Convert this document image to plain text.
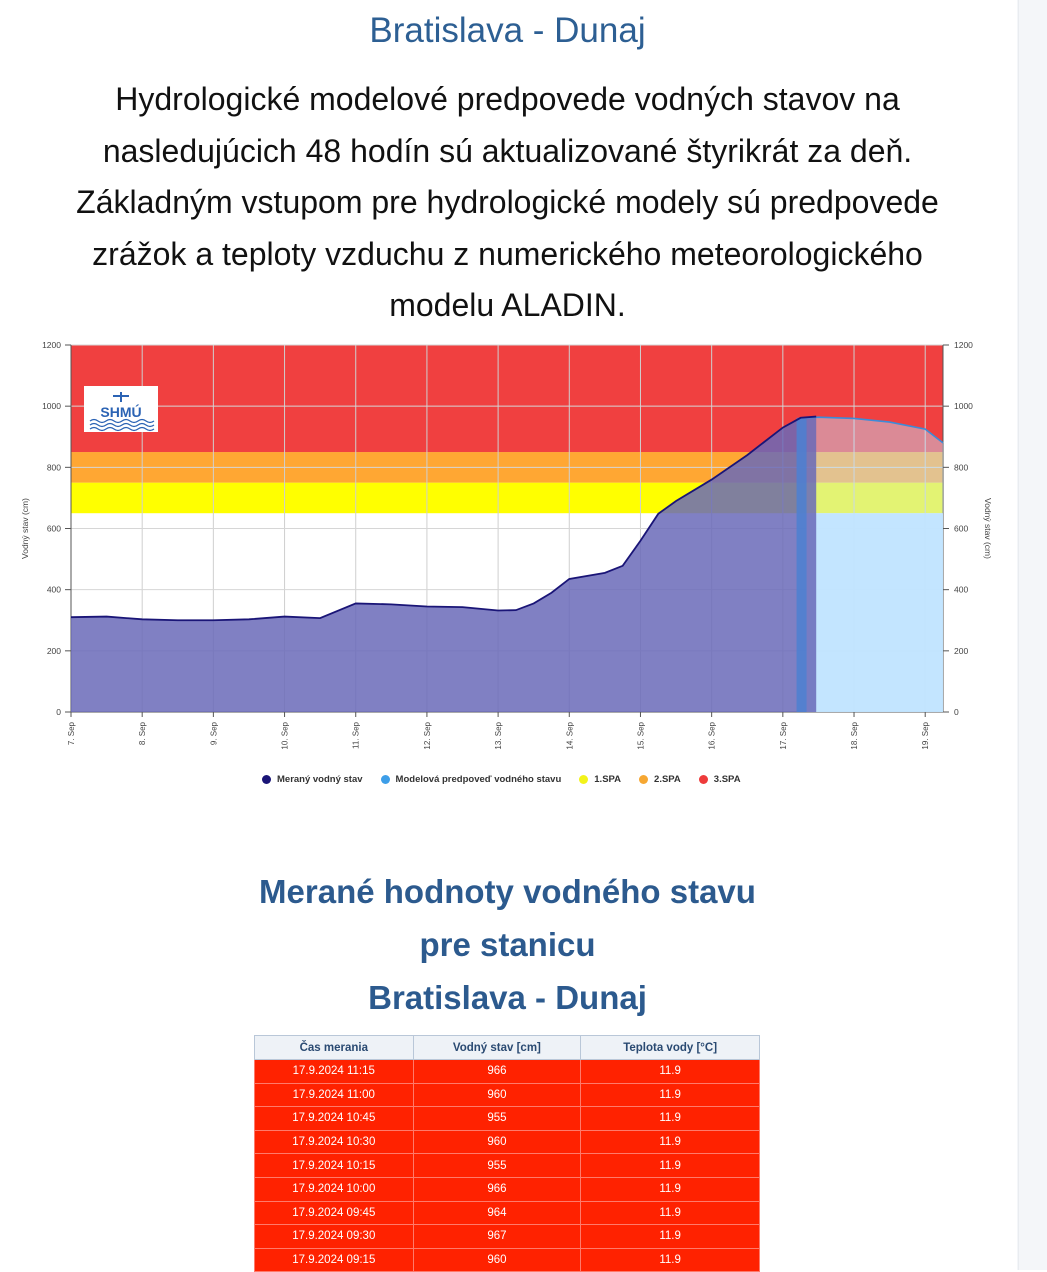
Bratislava - Dunaj
Hydrologické modelové predpovede vodných stavov na
nasledujúcich 48 hodín sú aktualizované štyrikrát za deň.
Základným vstupom pre hydrologické modely sú predpovede
zrážok a teploty vzduchu z numerického meteorologického
modelu ALADIN.
7. Sep	8. Sep	9. Sep	10. Sep	11. Sep	12. Sep	13. Sep	14. Sep	15. Sep	16. Sep	17. Sep	18. Sep	19. Sep
0	0
200	200
400	400
600	600
800	800
1000	1000
1200	1200
Vodný stav (cm)	Vodný stav (cm)
SHMÚ
Meraný vodný stav	Modelová predpoveď vodného stavu	1.SPA	2.SPA	3.SPA
Merané hodnoty vodného stavu
pre stanicu
Bratislava - Dunaj
Čas merania	Vodný stav [cm]	Teplota vody [°C]
17.9.2024 11:15	966	11.9
17.9.2024 11:00	960	11.9
17.9.2024 10:45	955	11.9
17.9.2024 10:30	960	11.9
17.9.2024 10:15	955	11.9
17.9.2024 10:00	966	11.9
17.9.2024 09:45	964	11.9
17.9.2024 09:30	967	11.9
17.9.2024 09:15	960	11.9
